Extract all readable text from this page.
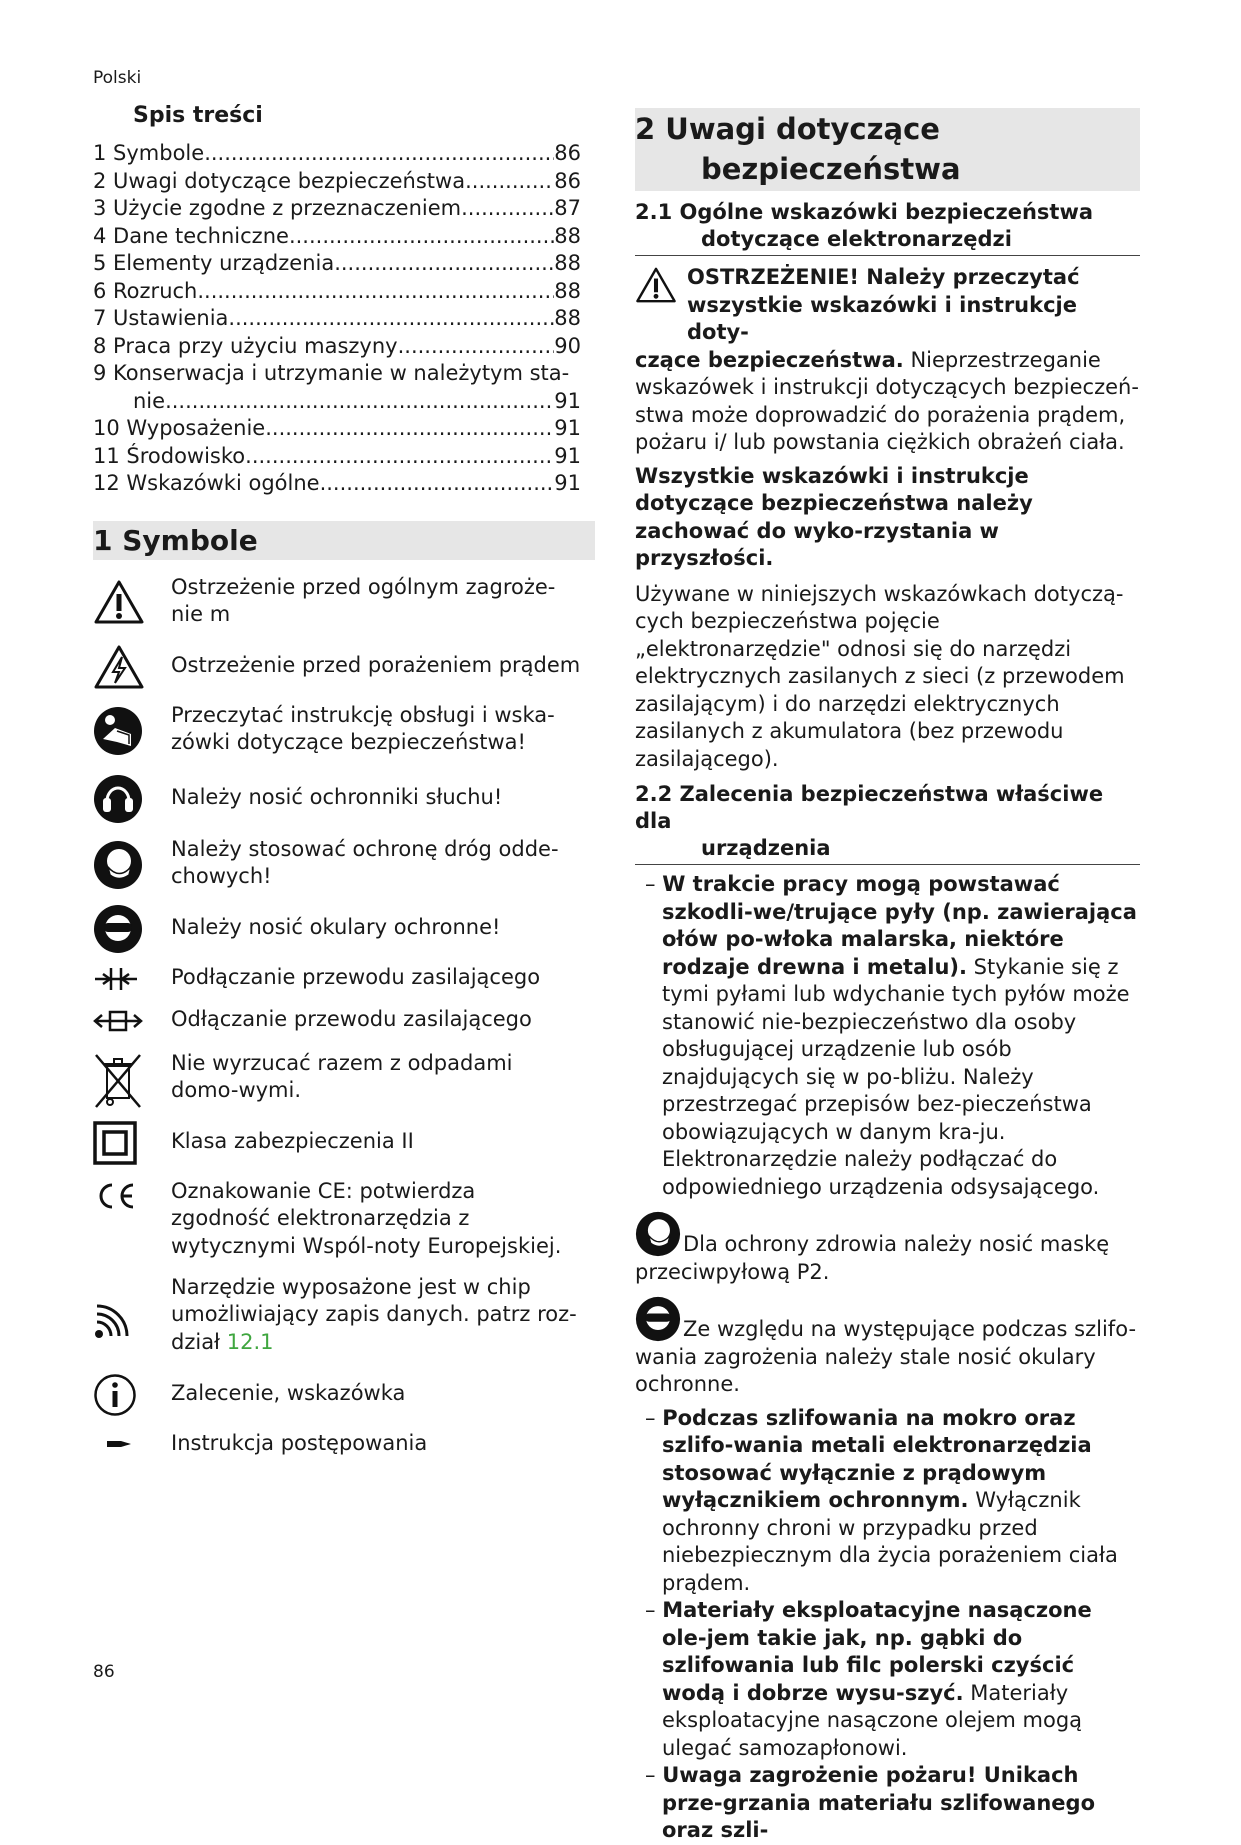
Polski
Spis treści
1 Symbole .....	86
2 Uwagi dotyczące bezpieczeństwa .....	86
3 Użycie zgodne z przeznaczeniem .....	87
4 Dane techniczne .....	88
5 Elementy urządzenia .....	88
6 Rozruch .....	88
7 Ustawienia .....	88
8 Praca przy użyciu maszyny .....	90
9 Konserwacja i utrzymanie w należytym sta-
nie .....	91
10 Wyposażenie .....	91
11 Środowisko .....	91
12 Wskazówki ogólne .....	91
1 Symbole
Ostrzeżenie przed ogólnym zagroże-nie m
Ostrzeżenie przed porażeniem prądem
Przeczytać instrukcję obsługi i wska-zówki dotyczące bezpieczeństwa!
Należy nosić ochronniki słuchu!
Należy stosować ochronę dróg odde-chowych!
Należy nosić okulary ochronne!
Podłączanie przewodu zasilającego
Odłączanie przewodu zasilającego
Nie wyrzucać razem z odpadami domo-wymi.
Klasa zabezpieczenia II
Oznakowanie CE: potwierdza zgodność elektronarzędzia z wytycznymi Wspól-noty Europejskiej.
Narzędzie wyposażone jest w chip umożliwiający zapis danych. patrz roz-dział 12.1
Zalecenie, wskazówka
Instrukcja postępowania
2 Uwagi dotyczące
bezpieczeństwa
2.1 Ogólne wskazówki bezpieczeństwa
dotyczące elektronarzędzi
OSTRZEŻENIE! Należy przeczytać
wszystkie wskazówki i instrukcje doty-

czące bezpieczeństwa. Nieprzestrzeganie wskazówek i instrukcji dotyczących bezpieczeń-stwa może doprowadzić do porażenia prądem, pożaru i/ lub powstania ciężkich obrażeń ciała.

Wszystkie wskazówki i instrukcje dotyczące bezpieczeństwa należy zachować do wyko-rzystania w przyszłości.

Używane w niniejszych wskazówkach dotyczą-cych bezpieczeństwa pojęcie „elektronarzędzie" odnosi się do narzędzi elektrycznych zasilanych z sieci (z przewodem zasilającym) i do narzędzi elektrycznych zasilanych z akumulatora (bez przewodu zasilającego).

2.2 Zalecenia bezpieczeństwa właściwe dla
urządzenia

– W trakcie pracy mogą powstawać szkodli-we/trujące pyły (np. zawierająca ołów po-włoka malarska, niektóre rodzaje drewna i metalu). Stykanie się z tymi pyłami lub wdychanie tych pyłów może stanowić nie-bezpieczeństwo dla osoby obsługującej urządzenie lub osób znajdujących się w po-bliżu. Należy przestrzegać przepisów bez-pieczeństwa obowiązujących w danym kra-ju. Elektronarzędzie należy podłączać do odpowiedniego urządzenia odsysającego.

Dla ochrony zdrowia należy nosić maskę przeciwpyłową P2.

Ze względu na występujące podczas szlifo-wania zagrożenia należy stale nosić okulary ochronne.

– Podczas szlifowania na mokro oraz szlifo-wania metali elektronarzędzia stosować wyłącznie z prądowym wyłącznikiem ochronnym. Wyłącznik ochronny chroni w przypadku przed niebezpiecznym dla życia porażeniem ciała prądem.

– Materiały eksploatacyjne nasączone ole-jem takie jak, np. gąbki do szlifowania lub filc polerski czyścić wodą i dobrze wysu-szyć. Materiały eksploatacyjne nasączone olejem mogą ulegać samozapłonowi.

– Uwaga zagrożenie pożaru! Unikach prze-grzania materiału szlifowanego oraz szli-

86
